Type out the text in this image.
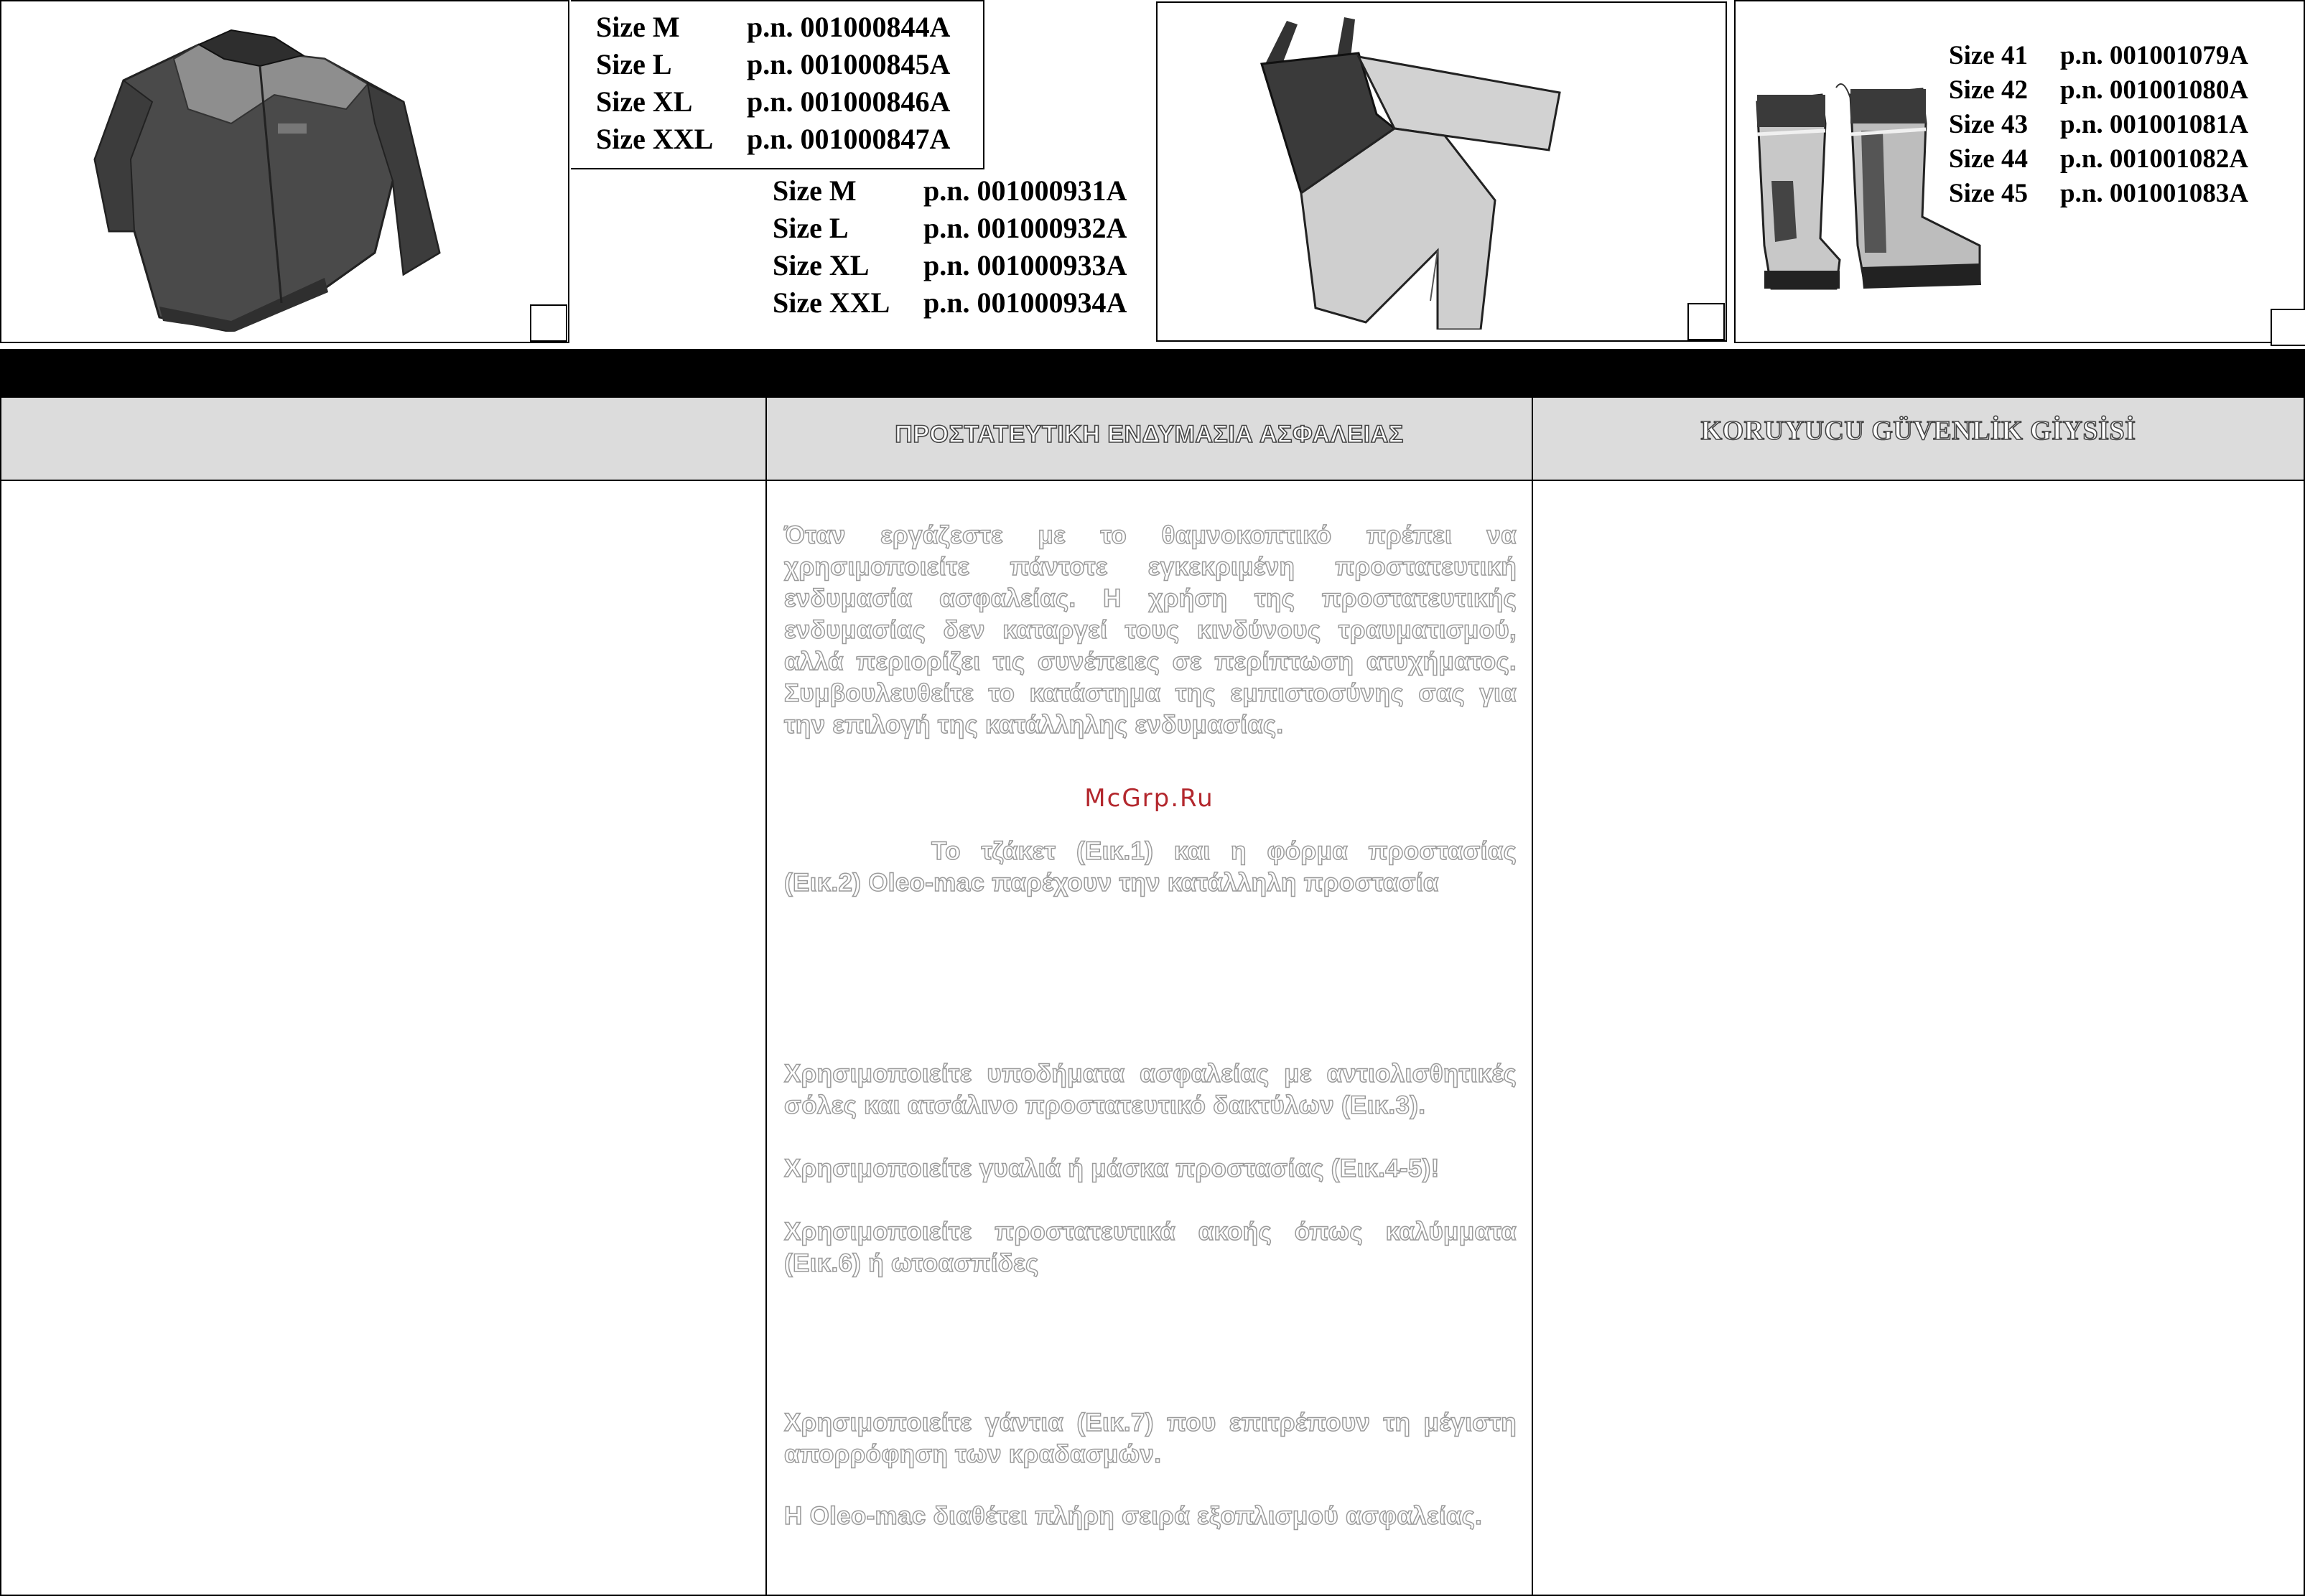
Size M	p.n. 001000844A
Size L	p.n. 001000845A
Size XL	p.n. 001000846A
Size XXL	p.n. 001000847A
Size M	p.n. 001000931A
Size L	p.n. 001000932A
Size XL	p.n. 001000933A
Size XXL	p.n. 001000934A
Size 41	p.n. 001001079A
Size 42	p.n. 001001080A
Size 43	p.n. 001001081A
Size 44	p.n. 001001082A
Size 45	p.n. 001001083A
ΠΡΟΣΤΑΤΕΥΤΙΚΗ ΕΝΔΥΜΑΣΙΑ ΑΣΦΑΛΕΙΑΣ	KORUYUCU GÜVENLİK GİYSİSİ
Όταν εργάζεστε με το θαμνοκοπτικό πρέπει να χρησιμοποιείτε πάντοτε εγκεκριμένη προστατευτική ενδυμασία ασφαλείας. Η χρήση της προστατευτικής ενδυμασίας δεν καταργεί τους κινδύνους τραυματισμού, αλλά περιορίζει τις συνέπειες σε περίπτωση ατυχήματος. Συμβουλευθείτε το κατάστημα της εμπιστοσύνης σας για την επιλογή της κατάλληλης ενδυμασίας.
McGrp.Ru
Το τζάκετ (Εικ.1) και η φόρμα προστασίας (Εικ.2) Oleo-mac παρέχουν την κατάλληλη προστασία
Χρησιμοποιείτε υποδήματα ασφαλείας με αντιολισθητικές σόλες και ατσάλινο προστατευτικό δακτύλων (Εικ.3).
Χρησιμοποιείτε γυαλιά ή μάσκα προστασίας (Εικ.4-5)!
Χρησιμοποιείτε προστατευτικά ακοής όπως καλύμματα (Εικ.6) ή ωτοασπίδες
Χρησιμοποιείτε γάντια (Εικ.7) που επιτρέπουν τη μέγιστη απορρόφηση των κραδασμών.
Η Oleo-mac διαθέτει πλήρη σειρά εξοπλισμού ασφαλείας.
